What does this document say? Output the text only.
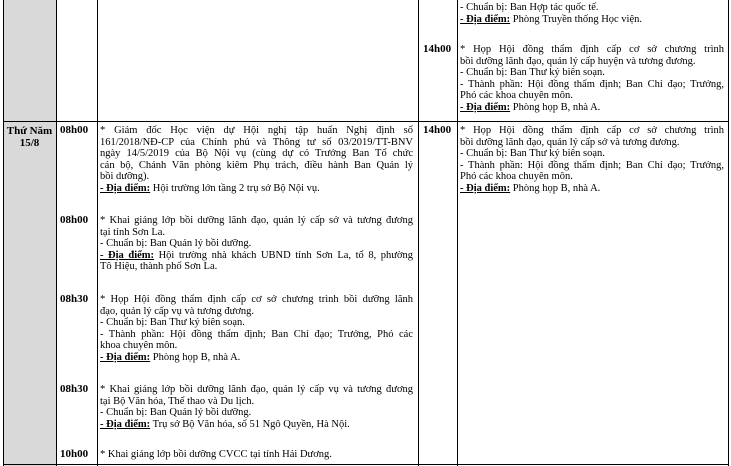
Thứ Năm
15/8
- Chuẩn bị: Ban Hợp tác quốc tế.
- Địa điểm: Phòng Truyền thống Học viện.
14h00 * Họp Hội đồng thẩm định cấp cơ sở chương trình
bồi dưỡng lãnh đạo, quản lý cấp huyện và tương đương.
- Chuẩn bị: Ban Thư ký biên soạn.
- Thành phần: Hội đồng thẩm định; Ban Chỉ đạo; Trưởng,
Phó các khoa chuyên môn.
- Địa điểm: Phòng họp B, nhà A.
08h00 * Giám đốc Học viện dự Hội nghị tập huấn Nghị định số
161/2018/NĐ-CP của Chính phủ và Thông tư số 03/2019/TT-BNV
ngày 14/5/2019 của Bộ Nội vụ (cùng dự có Trưởng Ban Tổ chức
cán bộ, Chánh Văn phòng kiêm Phụ trách, điều hành Ban Quản lý
bồi dưỡng).
- Địa điểm: Hội trường lớn tầng 2 trụ sở Bộ Nội vụ.
08h00 * Khai giảng lớp bồi dưỡng lãnh đạo, quản lý cấp sở và tương đương
tại tỉnh Sơn La.
- Chuẩn bị: Ban Quản lý bồi dưỡng.
- Địa điểm: Hội trường nhà khách UBND tỉnh Sơn La, tổ 8, phường
Tô Hiệu, thành phố Sơn La.
08h30 * Họp Hội đồng thẩm định cấp cơ sở chương trình bồi dưỡng lãnh
đạo, quản lý cấp vụ và tương đương.
- Chuẩn bị: Ban Thư ký biên soạn.
- Thành phần: Hội đồng thẩm định; Ban Chỉ đạo; Trưởng, Phó các
khoa chuyên môn.
- Địa điểm: Phòng họp B, nhà A.
08h30 * Khai giảng lớp bồi dưỡng lãnh đạo, quản lý cấp vụ và tương đương
tại Bộ Văn hóa, Thể thao và Du lịch.
- Chuẩn bị: Ban Quản lý bồi dưỡng.
- Địa điểm: Trụ sở Bộ Văn hóa, số 51 Ngô Quyền, Hà Nội.
10h00 * Khai giảng lớp bồi dưỡng CVCC tại tỉnh Hải Dương.
14h00 * Họp Hội đồng thẩm định cấp cơ sở chương trình
bồi dưỡng lãnh đạo, quản lý cấp sở và tương đương.
- Chuẩn bị: Ban Thư ký biên soạn.
- Thành phần: Hội đồng thẩm định; Ban Chỉ đạo; Trưởng,
Phó các khoa chuyên môn.
- Địa điểm: Phòng họp B, nhà A.
